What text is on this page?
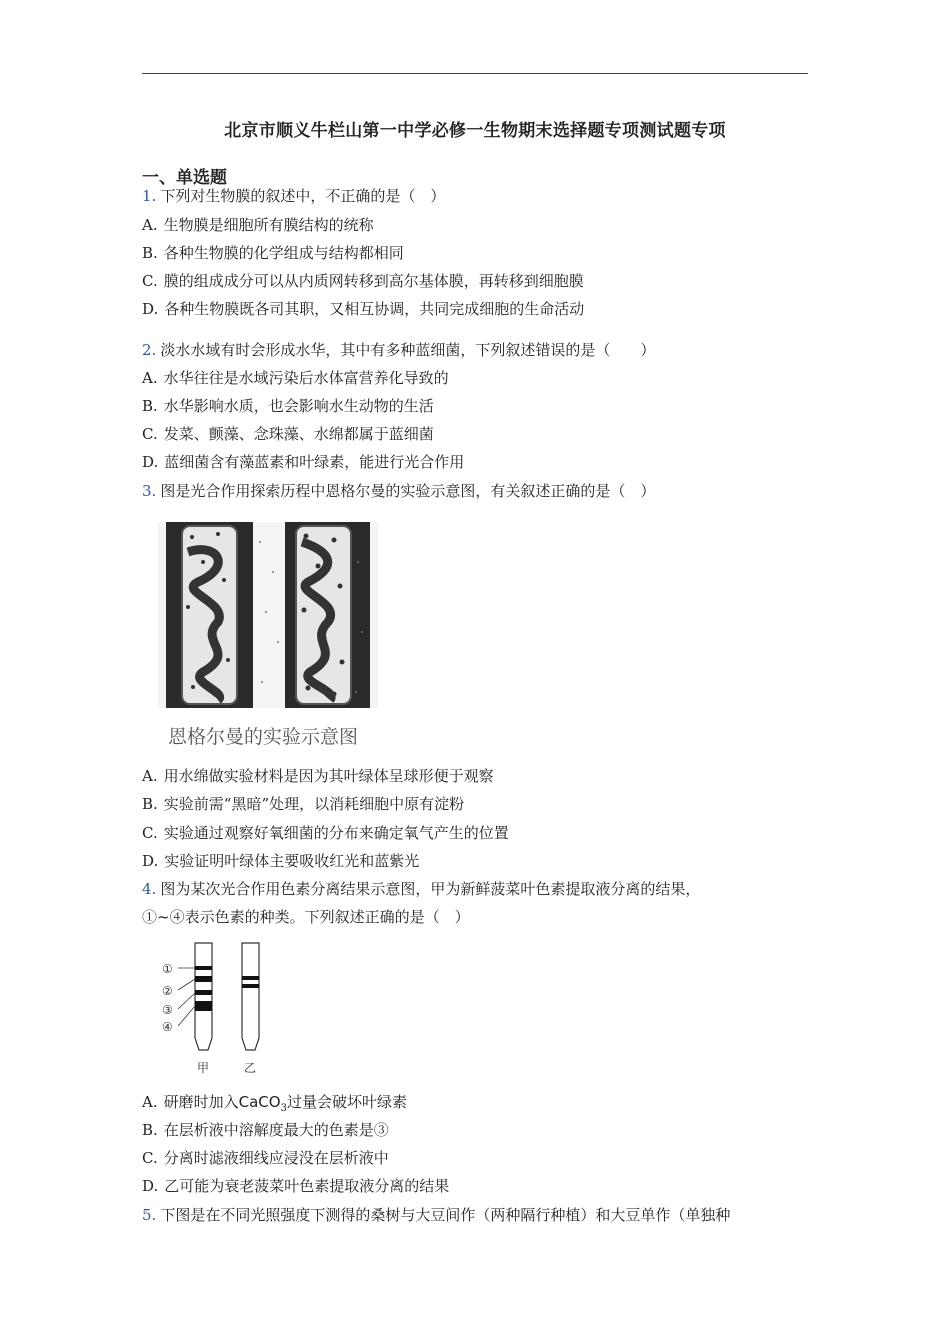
北京市顺义牛栏山第一中学必修一生物期末选择题专项测试题专项
一、单选题
1. 下列对生物膜的叙述中，不正确的是（　）
A. 生物膜是细胞所有膜结构的统称
B. 各种生物膜的化学组成与结构都相同
C. 膜的组成成分可以从内质网转移到高尔基体膜，再转移到细胞膜
D. 各种生物膜既各司其职，又相互协调，共同完成细胞的生命活动
2. 淡水水域有时会形成水华，其中有多种蓝细菌，下列叙述错误的是（　　）
A. 水华往往是水域污染后水体富营养化导致的
B. 水华影响水质，也会影响水生动物的生活
C. 发菜、颤藻、念珠藻、水绵都属于蓝细菌
D. 蓝细菌含有藻蓝素和叶绿素，能进行光合作用
3. 图是光合作用探索历程中恩格尔曼的实验示意图，有关叙述正确的是（　）
恩格尔曼的实验示意图
A. 用水绵做实验材料是因为其叶绿体呈球形便于观察
B. 实验前需“黑暗”处理，以消耗细胞中原有淀粉
C. 实验通过观察好氧细菌的分布来确定氧气产生的位置
D. 实验证明叶绿体主要吸收红光和蓝紫光
4. 图为某次光合作用色素分离结果示意图，甲为新鲜菠菜叶色素提取液分离的结果，
①~④表示色素的种类。下列叙述正确的是（　）
①
②
③
④
甲	乙
A. 研磨时加入CaCO$_3$过量会破坏叶绿素
B. 在层析液中溶解度最大的色素是③
C. 分离时滤液细线应浸没在层析液中
D. 乙可能为衰老菠菜叶色素提取液分离的结果
5. 下图是在不同光照强度下测得的桑树与大豆间作（两种隔行种植）和大豆单作（单独种
